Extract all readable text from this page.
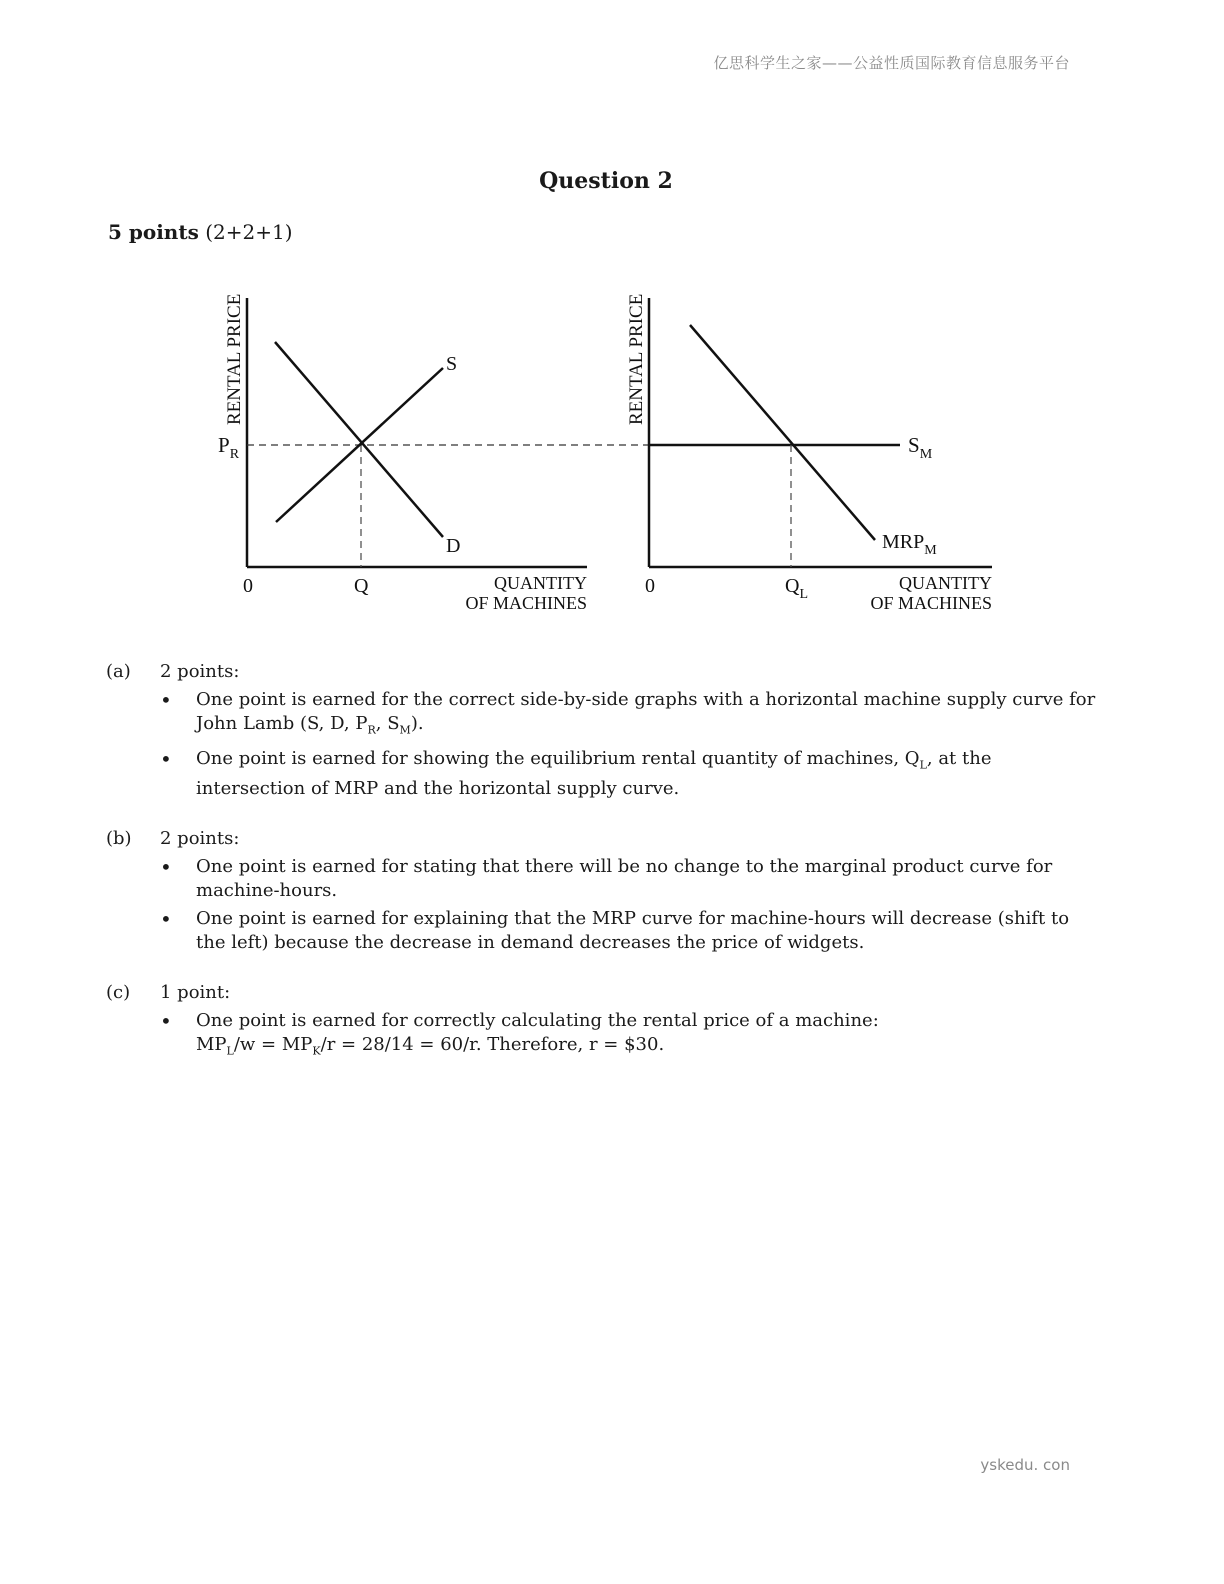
亿思科学生之家——公益性质国际教育信息服务平台
Question 2
5 points (2+2+1)
RENTAL PRICE
$P_R$
0	Q
S
D
QUANTITY
OF MACHINES
RENTAL PRICE
0	$Q_L$
$S_M$
$MRP_M$
QUANTITY
OF MACHINES
(a) 2 points:
• One point is earned for the correct side-by-side graphs with a horizontal machine supply curve for John Lamb (S, D, $P_R$, $S_M$).
• One point is earned for showing the equilibrium rental quantity of machines, $Q_L$, at the intersection of MRP and the horizontal supply curve.
(b) 2 points:
• One point is earned for stating that there will be no change to the marginal product curve for machine-hours.
• One point is earned for explaining that the MRP curve for machine-hours will decrease (shift to the left) because the decrease in demand decreases the price of widgets.
(c) 1 point:
• One point is earned for correctly calculating the rental price of a machine:
$MP_L/w = MP_K/r = 28/14 = 60/r$. Therefore, r = $30.
yskedu. con
